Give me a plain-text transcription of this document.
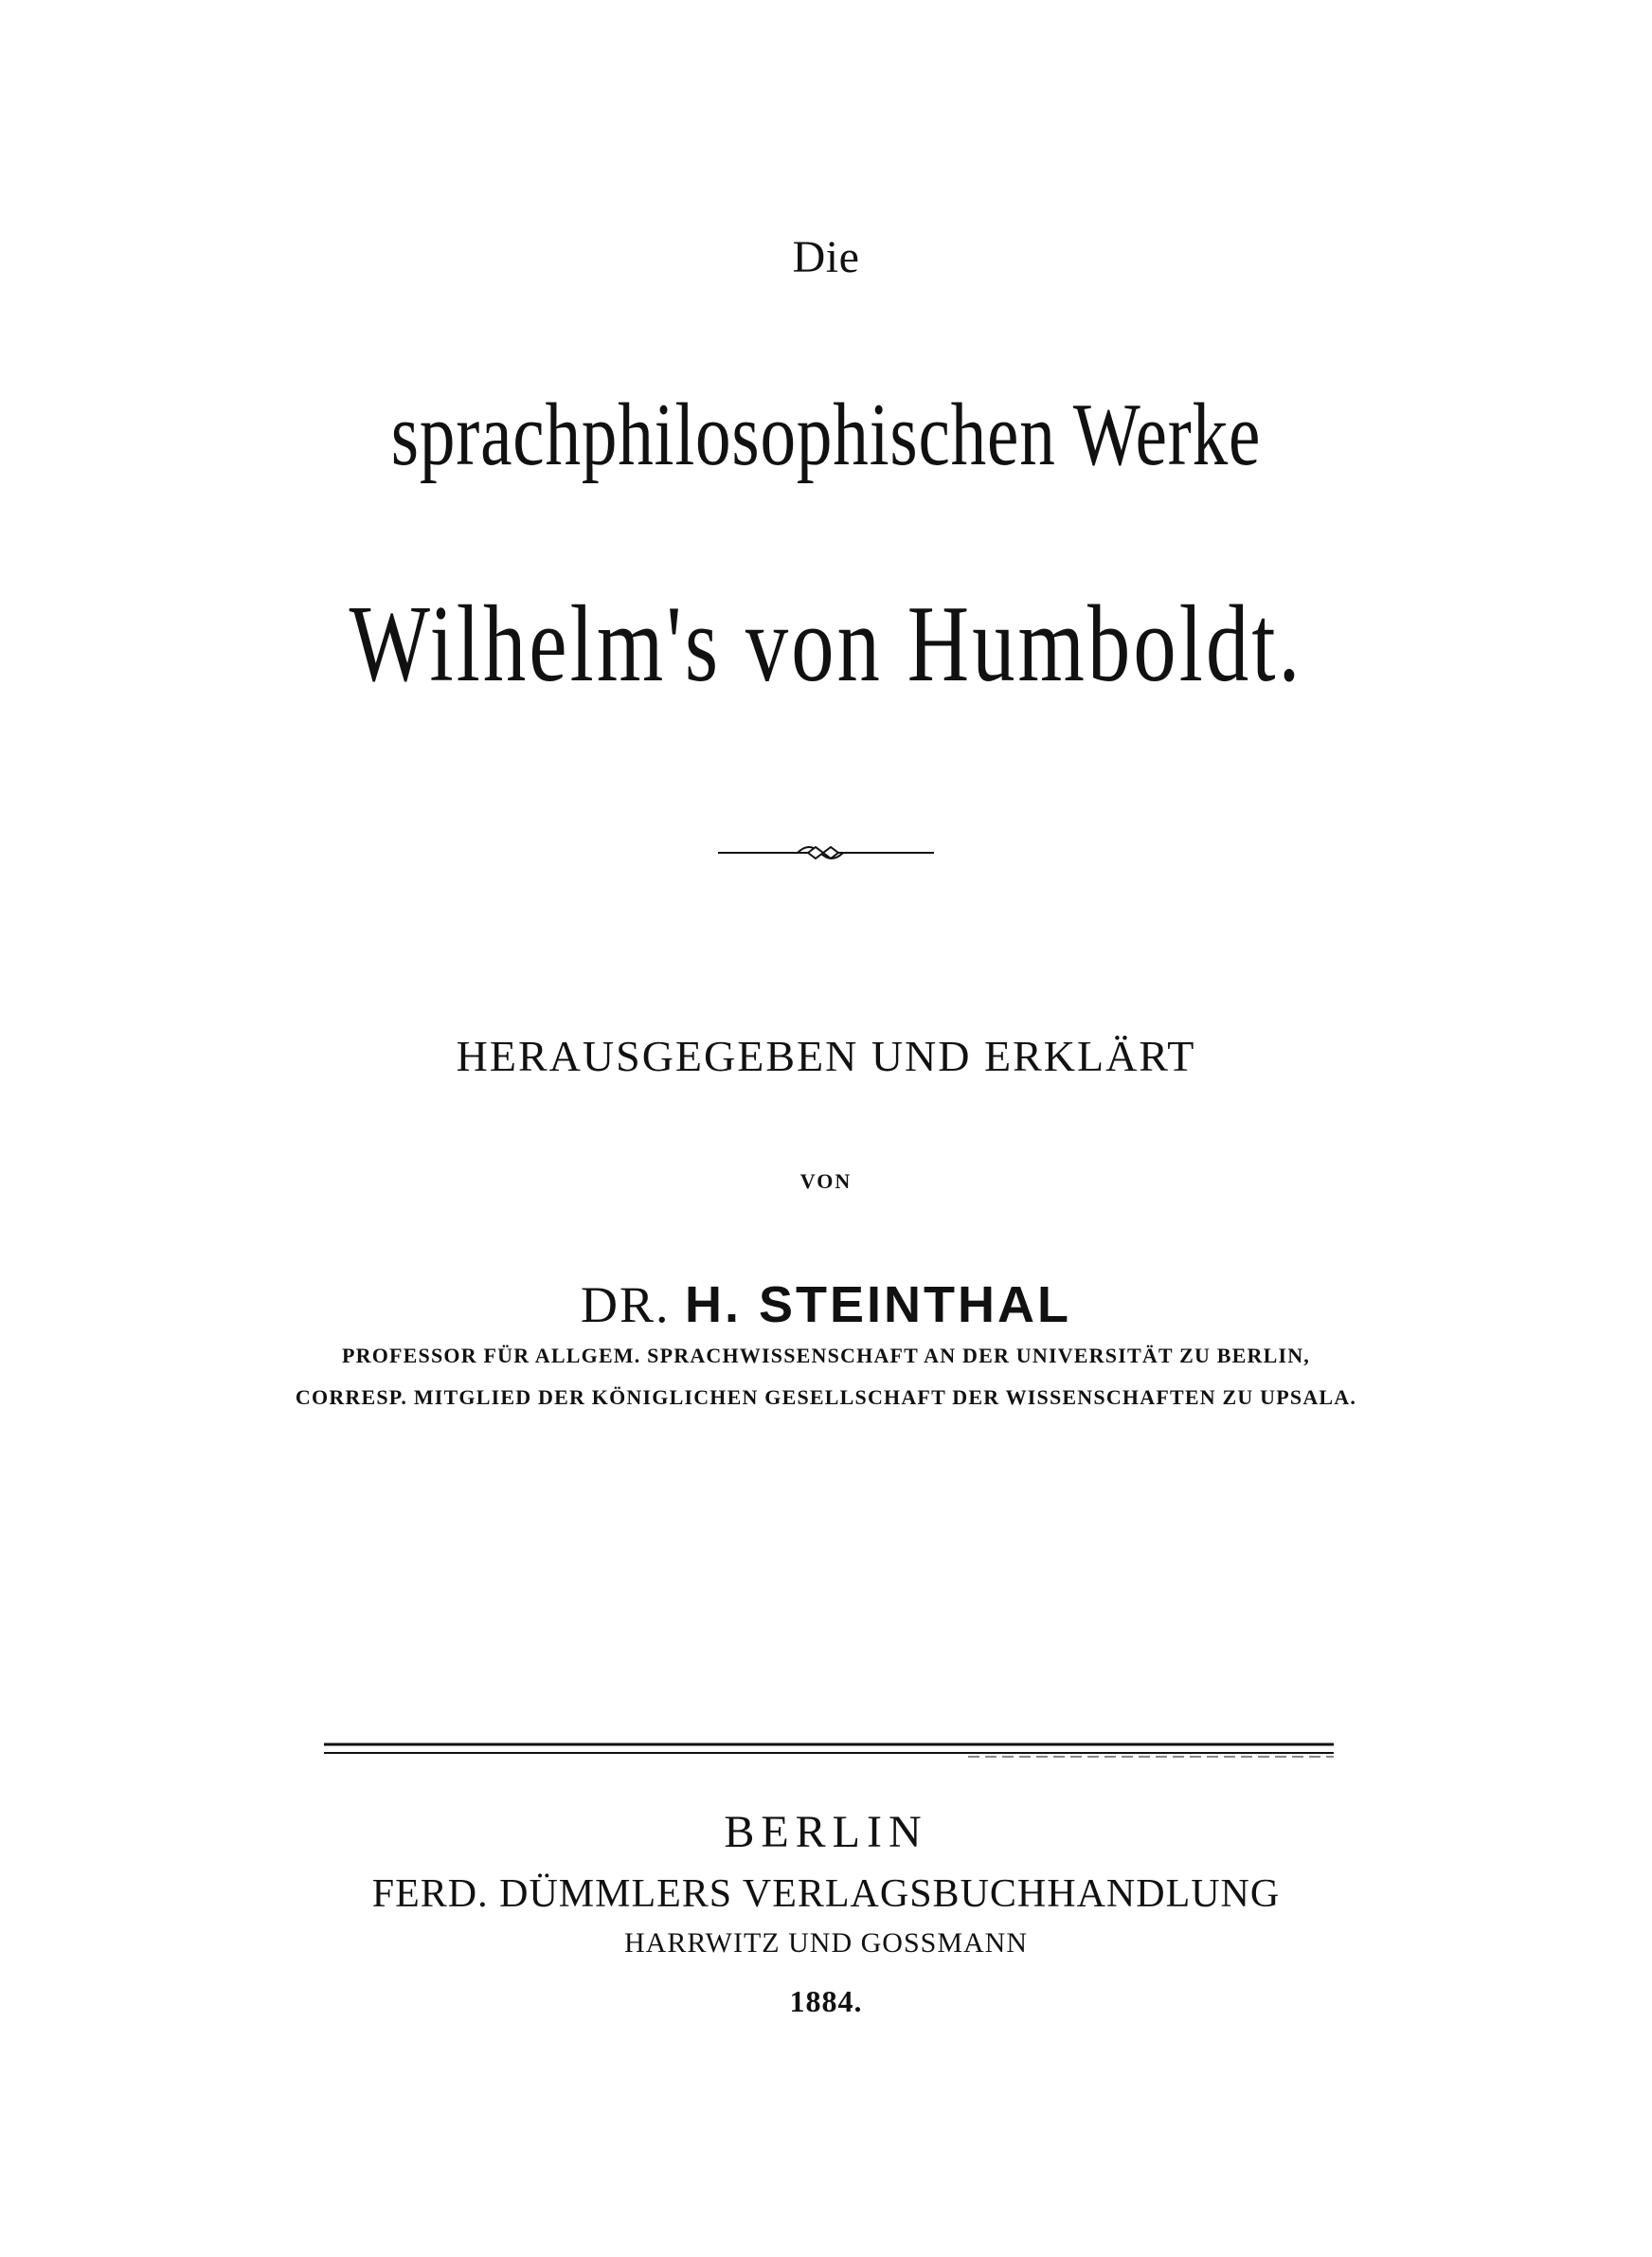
Die
sprachphilosophischen Werke
Wilhelm's von Humboldt.
HERAUSGEGEBEN UND ERKLÄRT
VON
DR. H. STEINTHAL
PROFESSOR FÜR ALLGEM. SPRACHWISSENSCHAFT AN DER UNIVERSITÄT ZU BERLIN,
CORRESP. MITGLIED DER KÖNIGLICHEN GESELLSCHAFT DER WISSENSCHAFTEN ZU UPSALA.
BERLIN
FERD. DÜMMLERS VERLAGSBUCHHANDLUNG
HARRWITZ UND GOSSMANN
1884.
